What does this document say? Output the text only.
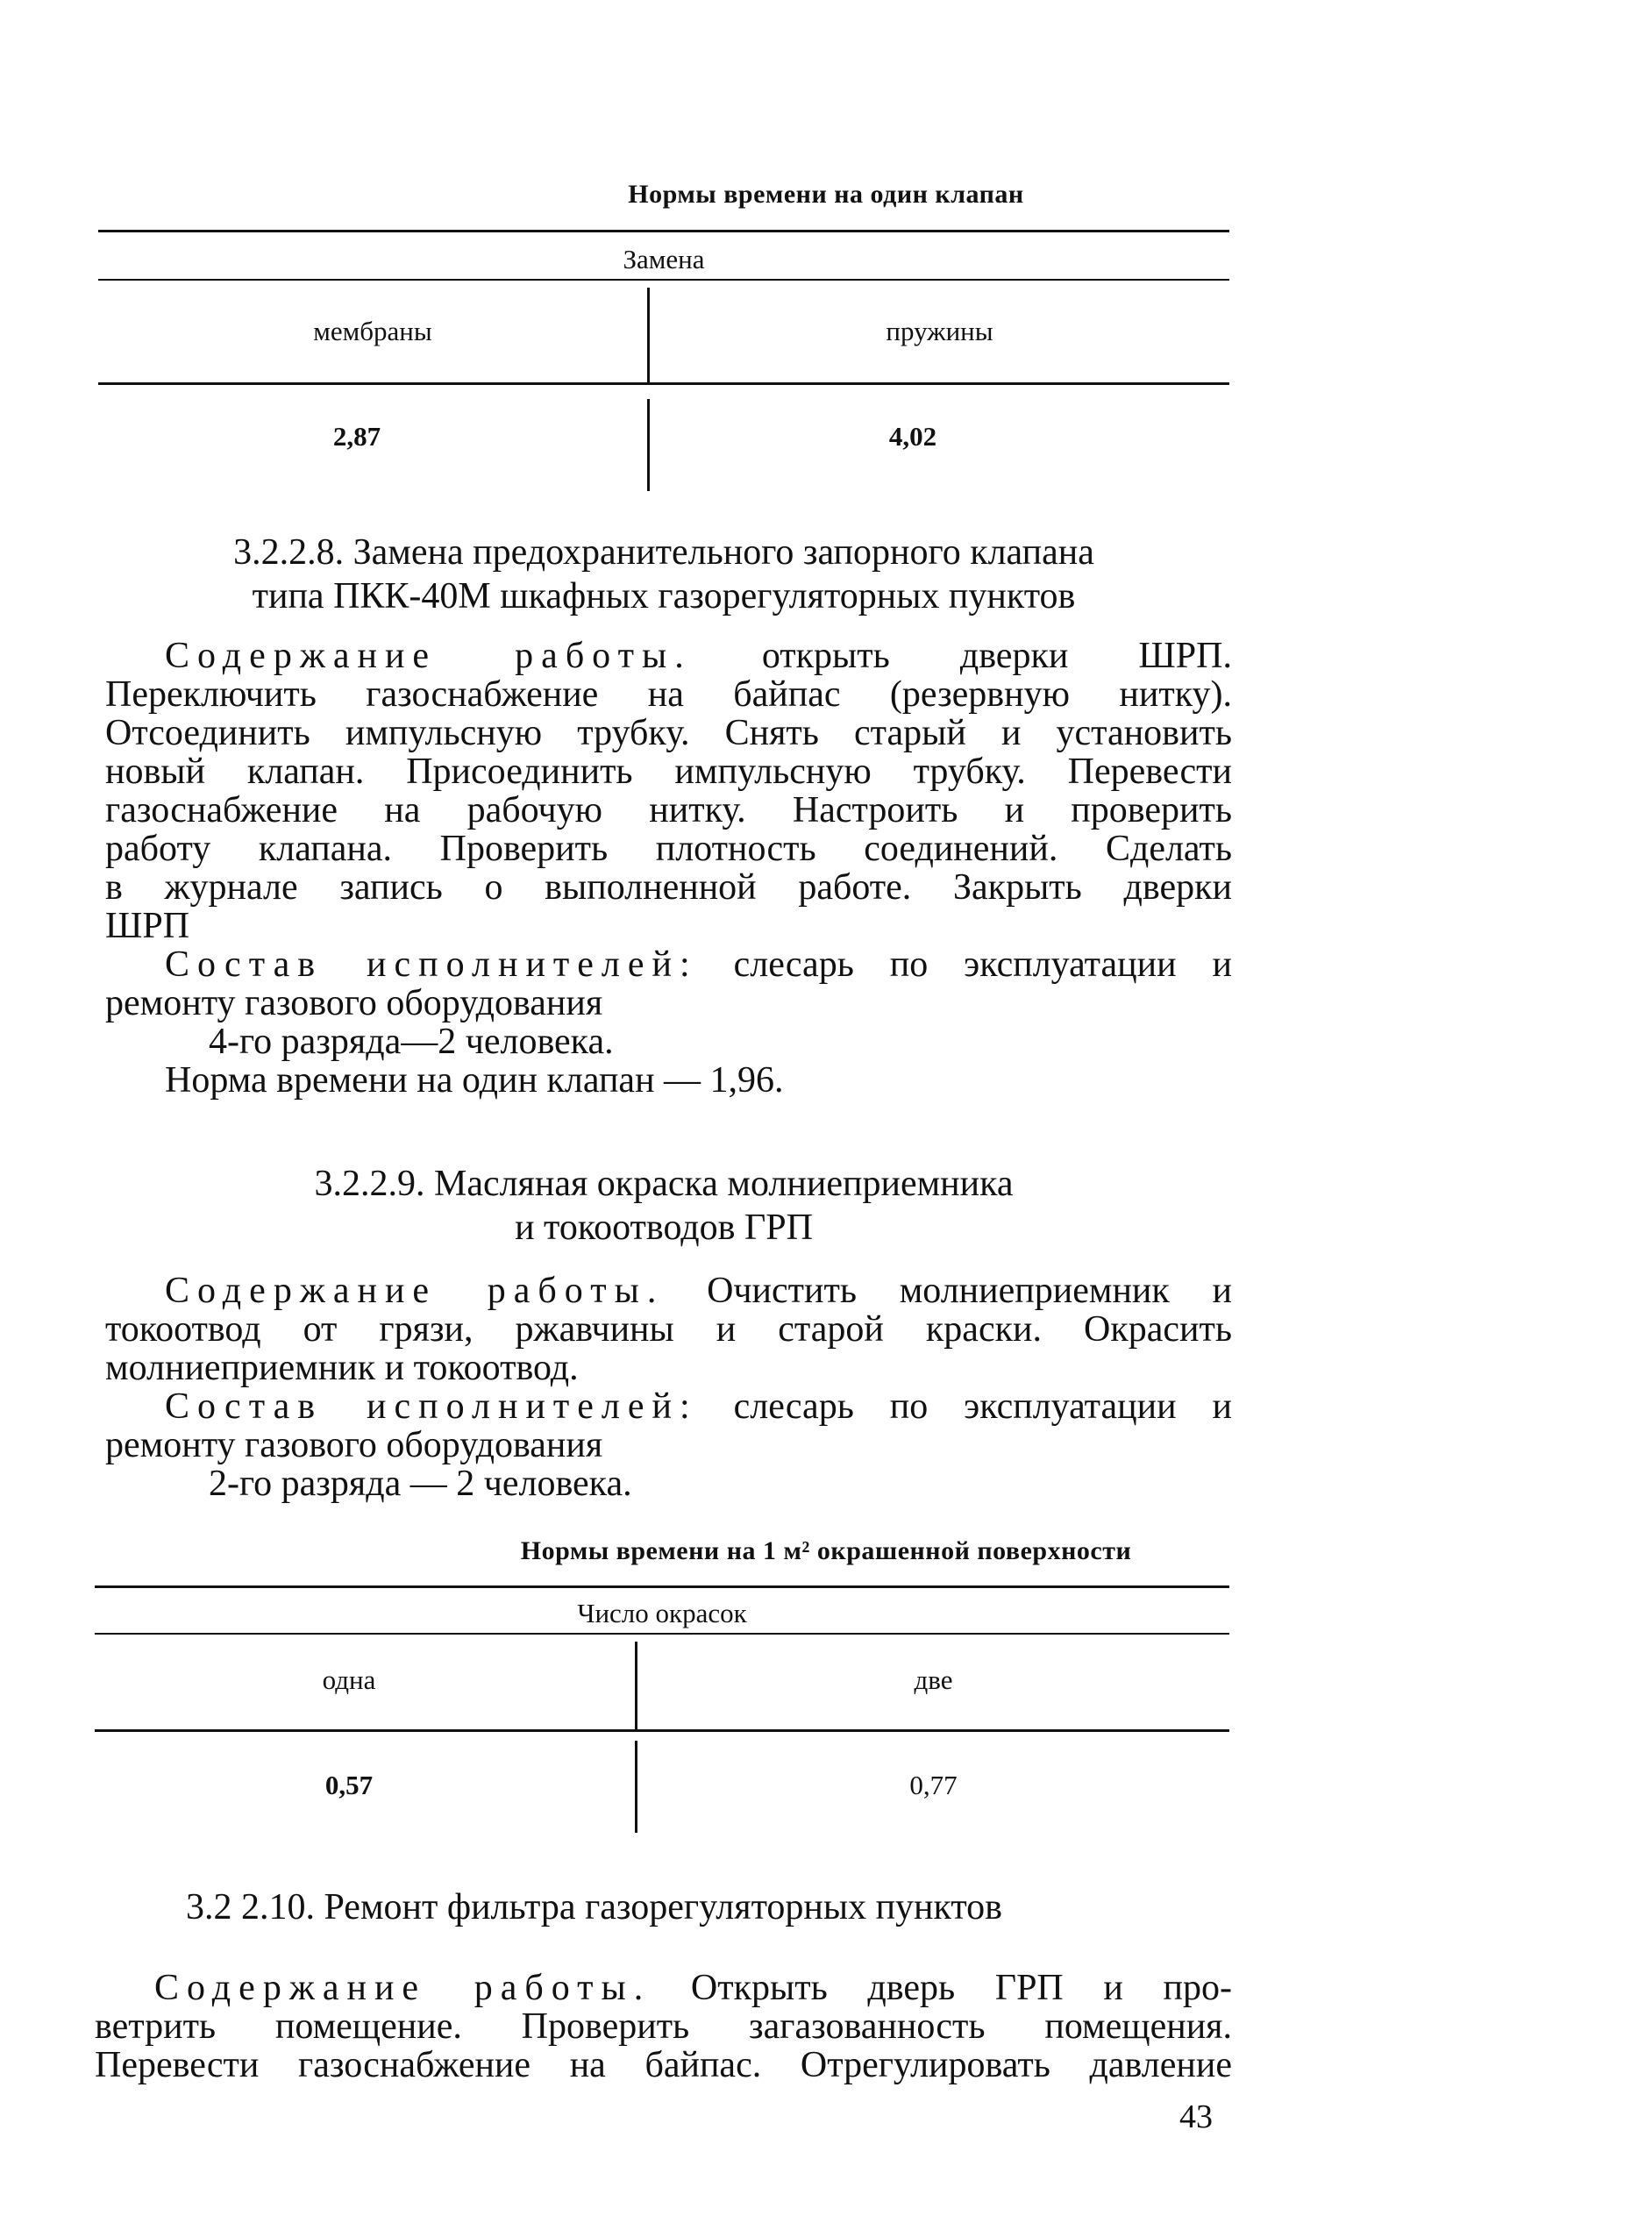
Нормы времени на один клапан
Замена
мембраны	пружины
2,87	4,02
3.2.2.8. Замена предохранительного запорного клапана
типа ПКК-40М шкафных газорегуляторных пунктов
Содержание работы. открыть дверки ШРП.
Переключить газоснабжение на байпас (резервную нитку).
Отсоединить импульсную трубку. Снять старый и установить
новый клапан. Присоединить импульсную трубку. Перевести
газоснабжение на рабочую нитку. Настроить и проверить
работу клапана. Проверить плотность соединений. Сделать
в журнале запись о выполненной работе. Закрыть дверки
ШРП
Состав исполнителей: слесарь по эксплуатации и
ремонту газового оборудования
4-го разряда—2 человека.
Норма времени на один клапан — 1,96.
3.2.2.9. Масляная окраска молниеприемника
и токоотводов ГРП
Содержание работы. Очистить молниеприемник и
токоотвод от грязи, ржавчины и старой краски. Окрасить
молниеприемник и токоотвод.
Состав исполнителей: слесарь по эксплуатации и
ремонту газового оборудования
2-го разряда — 2 человека.
Нормы времени на 1 м² окрашенной поверхности
Число окрасок
одна	две
0,57	0,77
3.2 2.10. Ремонт фильтра газорегуляторных пунктов
Содержание работы. Открыть дверь ГРП и про-
ветрить помещение. Проверить загазованность помещения.
Перевести газоснабжение на байпас. Отрегулировать давление
43
